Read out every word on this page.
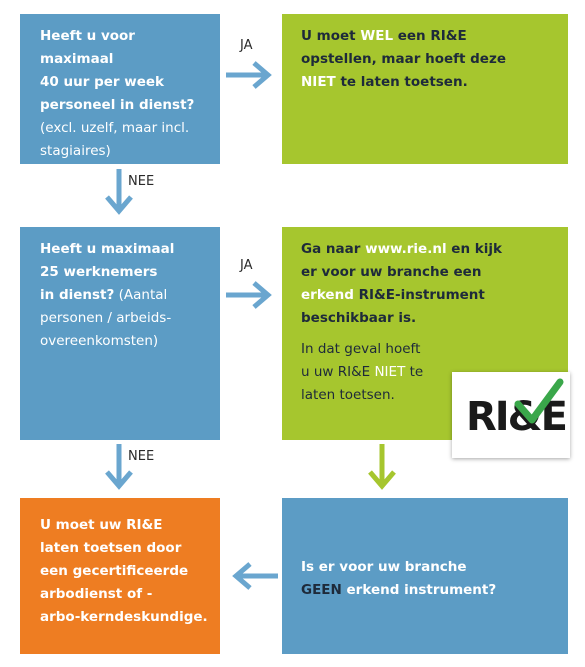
Heeft u voor maximaal

40 uur per week

personeel in dienst?

(excl. uzelf, maar incl.

stagiaires)

U moet WEL een RI&E

opstellen, maar hoeft deze

NIET te laten toetsen.

Heeft u maximaal

25 werknemers

in dienst? (Aantal

personen / arbeids-

overeenkomsten)

Ga naar www.rie.nl en kijk

er voor uw branche een

erkend RI&E-instrument

beschikbaar is.

In dat geval hoeft

u uw RI&E NIET te

laten toetsen.

U moet uw RI&E

laten toetsen door

een gecertificeerde

arbodienst of -

arbo-kerndeskundige.

Is er voor uw branche

GEEN erkend instrument?

JA
NEE
JA
NEE
RI&E
